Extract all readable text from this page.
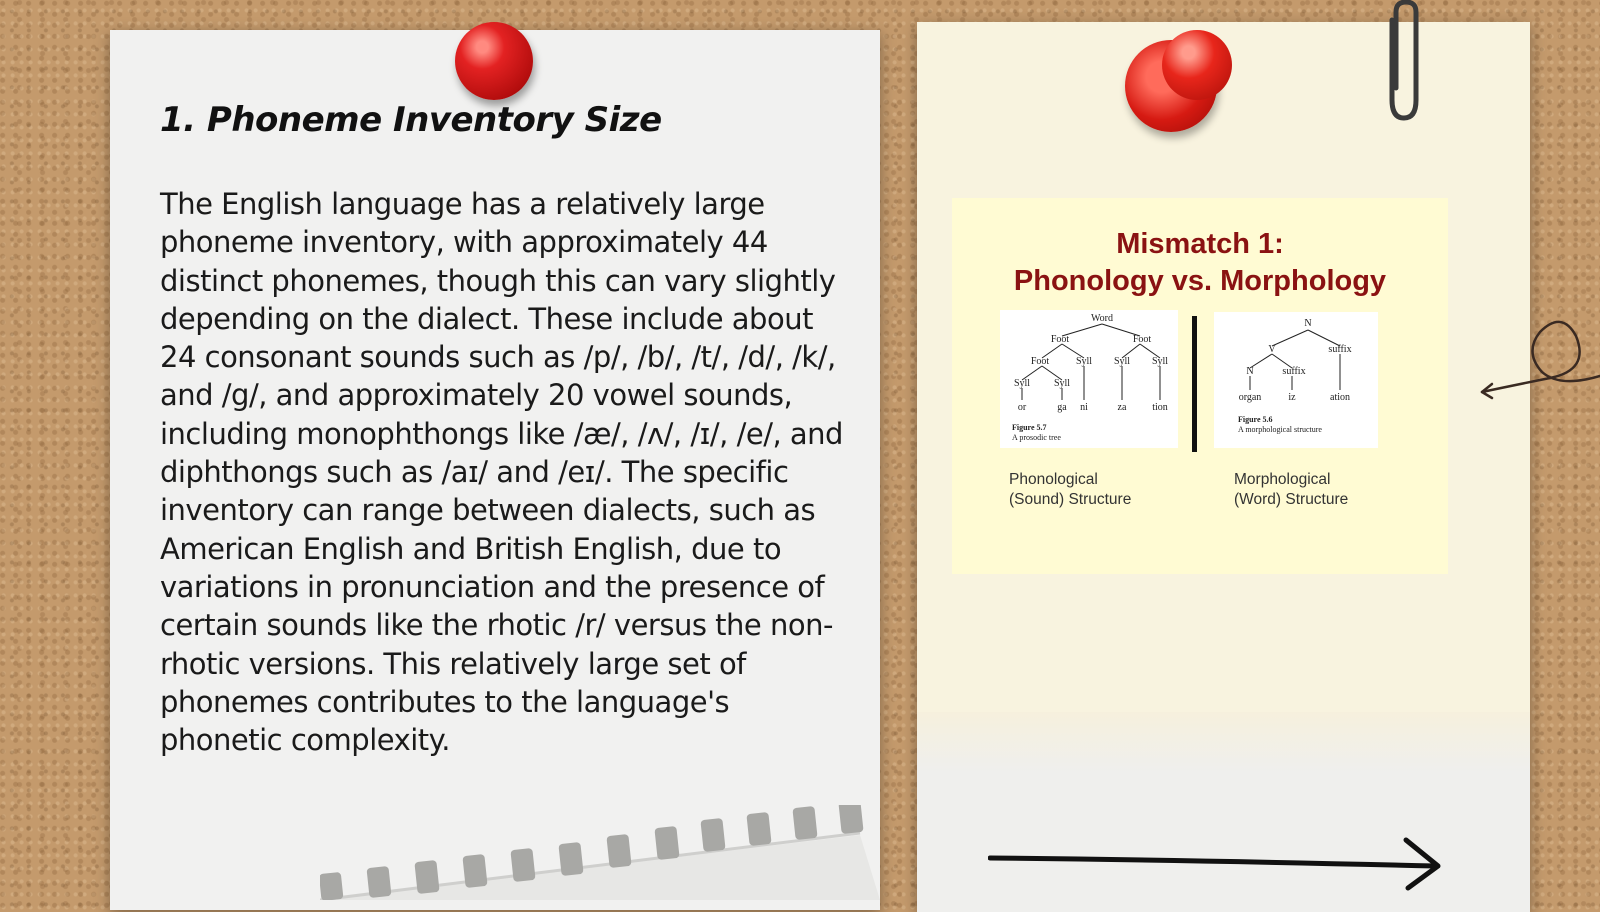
1. Phoneme Inventory Size

The English language has a relatively large phoneme inventory, with approximately 44 distinct phonemes, though this can vary slightly depending on the dialect. These include about 24 consonant sounds such as /p/, /b/, /t/, /d/, /k/, and /g/, and approximately 20 vowel sounds, including monophthongs like /æ/, /ʌ/, /ɪ/, /e/, and diphthongs such as /aɪ/ and /eɪ/. The specific inventory can range between dialects, such as American English and British English, due to variations in pronunciation and the presence of certain sounds like the rhotic /r/ versus the non-rhotic versions. This relatively large set of phonemes contributes to the language's phonetic complexity.

Mismatch 1:
Phonology vs. Morphology

Word
Foot	Foot
Foot	Syll Syll Syll
Syll Syll
or	ga ni	za	tion
Figure 5.7
A prosodic tree
N
V	suffix
N	suffix
organ	iz	ation
Figure 5.6
A morphological structure

Phonological
(Sound) Structure

Morphological
(Word) Structure
